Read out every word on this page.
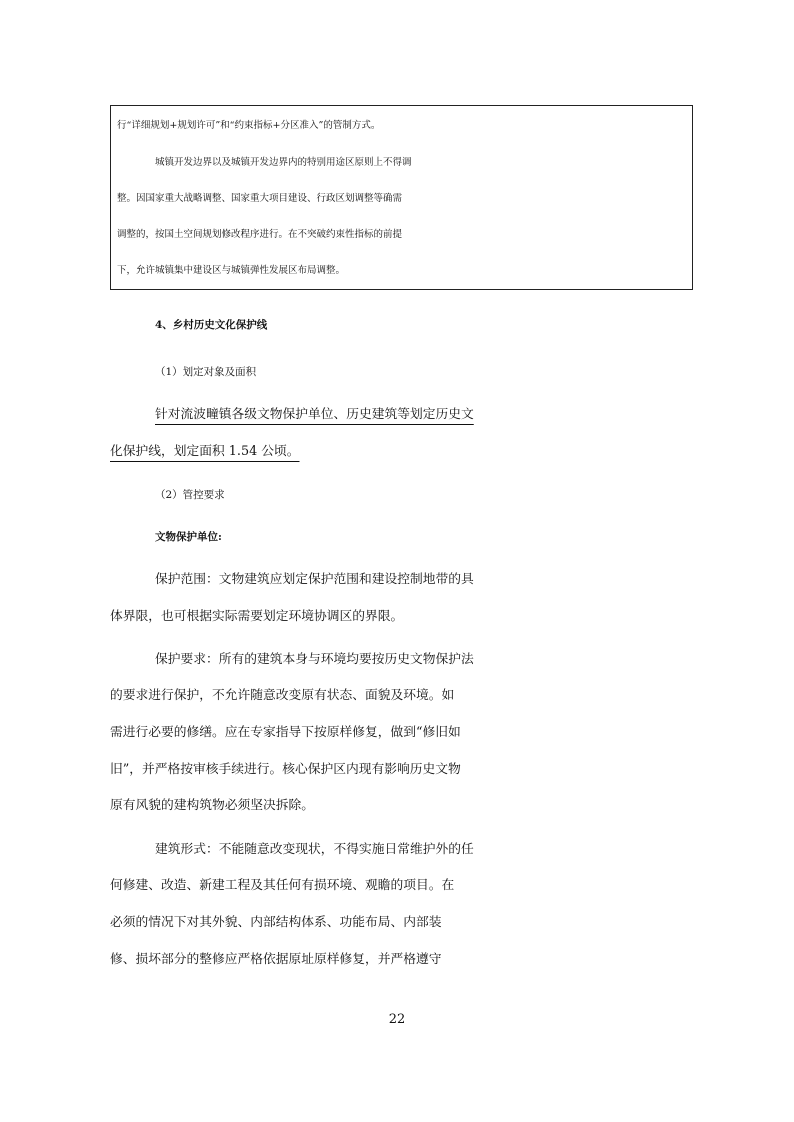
行“详细规划+规划许可”和“约束指标+分区准入”的管制方式。
城镇开发边界以及城镇开发边界内的特别用途区原则上不得调
整。因国家重大战略调整、国家重大项目建设、行政区划调整等确需
调整的，按国土空间规划修改程序进行。在不突破约束性指标的前提
下，允许城镇集中建设区与城镇弹性发展区布局调整。
4、乡村历史文化保护线
（1）划定对象及面积
针对流波疃镇各级文物保护单位、历史建筑等划定历史文
化保护线，划定面积 1.54 公顷。
（2）管控要求
文物保护单位:
保护范围：文物建筑应划定保护范围和建设控制地带的具
体界限，也可根据实际需要划定环境协调区的界限。
保护要求：所有的建筑本身与环境均要按历史文物保护法
的要求进行保护，不允许随意改变原有状态、面貌及环境。如
需进行必要的修缮。应在专家指导下按原样修复，做到“修旧如
旧”，并严格按审核手续进行。核心保护区内现有影响历史文物
原有风貌的建构筑物必须坚决拆除。
建筑形式：不能随意改变现状，不得实施日常维护外的任
何修建、改造、新建工程及其任何有损环境、观瞻的项目。在
必须的情况下对其外貌、内部结构体系、功能布局、内部装
修、损坏部分的整修应严格依据原址原样修复，并严格遵守
22
